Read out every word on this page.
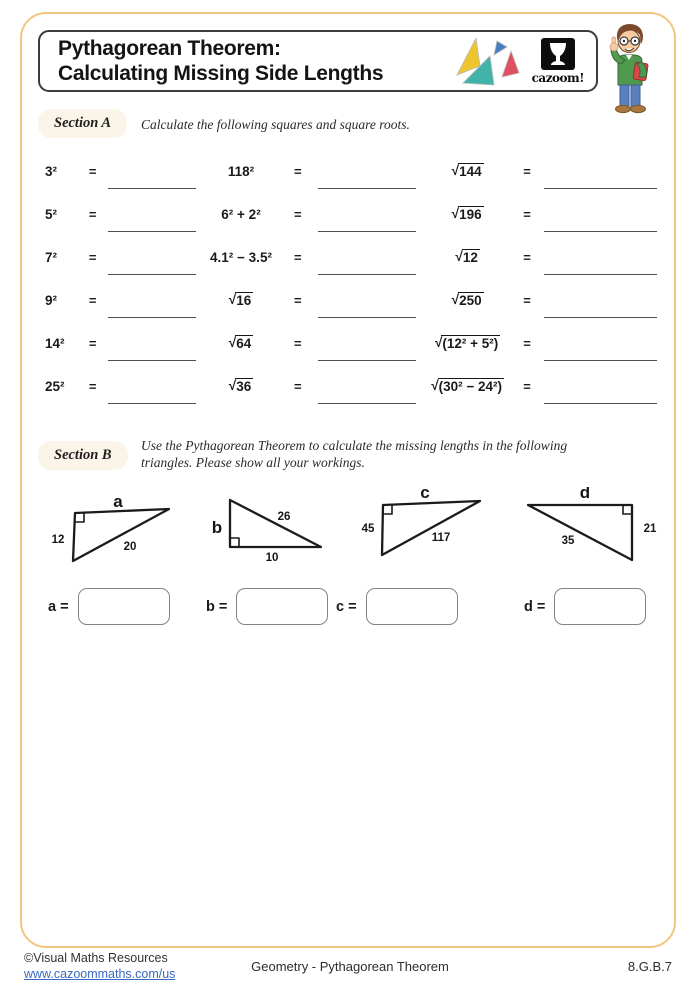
Pythagorean Theorem:
Calculating Missing Side Lengths	cazoom!
Section A	Calculate the following squares and square roots.
3² =	118²	=	√ 144	=
5² =	6² + 2²	=	√ 196	=
7² =	4.1² − 3.5² =	√ 12	=
9² =	√ 16	=	√ 250	=
14² =	√ 64	=	√ (12² + 5²) =
25² =	√ 36	=	√ (30² − 24²) =
Section B
Use the Pythagorean Theorem to calculate the missing lengths in the following
triangles. Please show all your workings.
a
12
20
b
26
10
c
45
117
d
21
35
a =	b =	c =	d =
©Visual Maths Resources
www.cazoommaths.com/us	Geometry - Pythagorean Theorem	8.G.B.7
